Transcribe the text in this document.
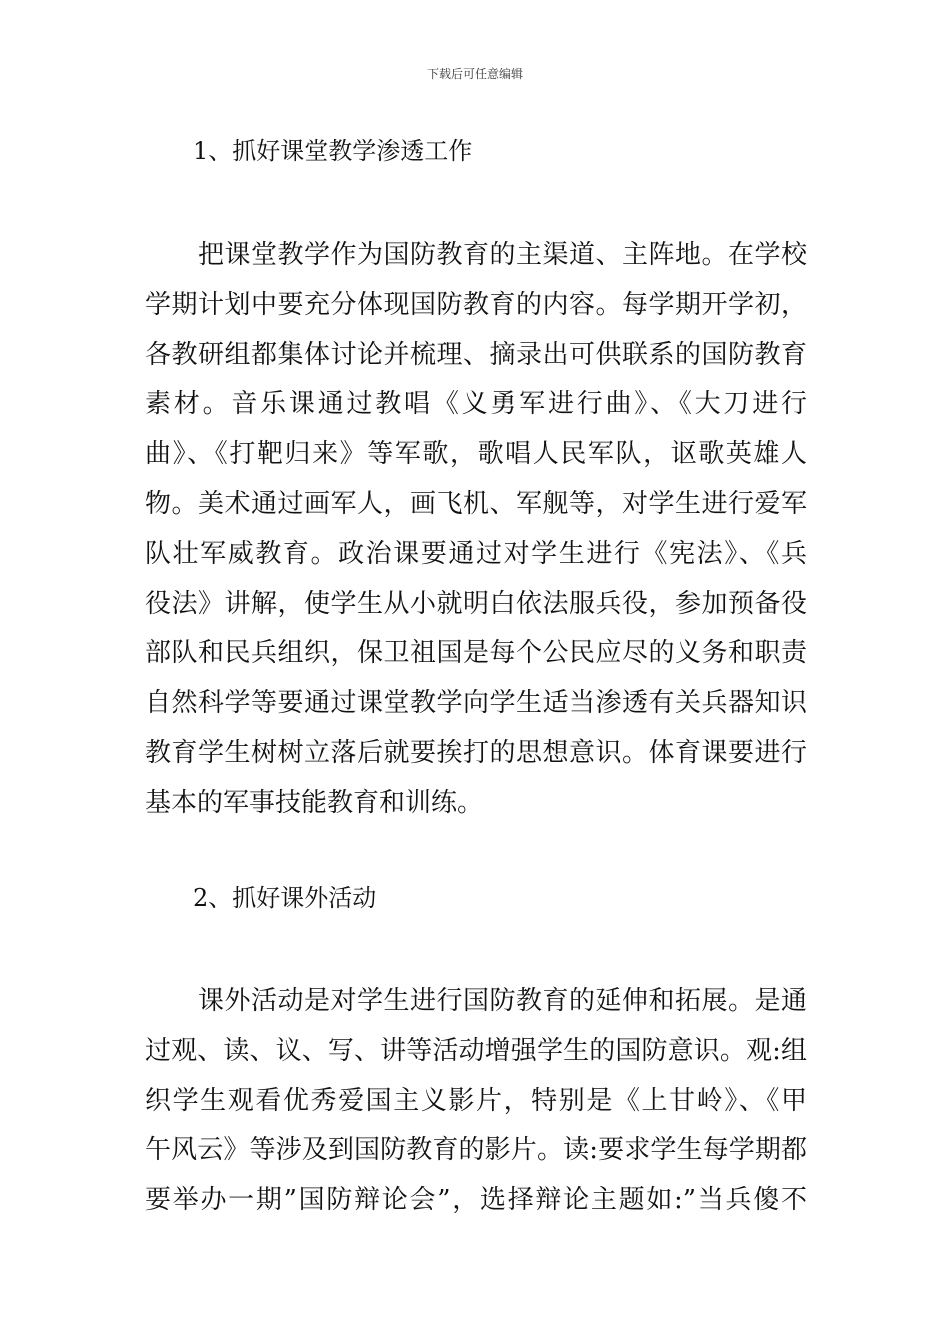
下载后可任意编辑
1、抓好课堂教学渗透工作
　　把课堂教学作为国防教育的主渠道、主阵地。在学校
学期计划中要充分体现国防教育的内容。每学期开学初，
各教研组都集体讨论并梳理、摘录出可供联系的国防教育
素材。音乐课通过教唱《义勇军进行曲》、《大刀进行
曲》、《打靶归来》等军歌，歌唱人民军队，讴歌英雄人
物。美术通过画军人，画飞机、军舰等，对学生进行爱军
队壮军威教育。政治课要通过对学生进行《宪法》、《兵
役法》讲解，使学生从小就明白依法服兵役，参加预备役
部队和民兵组织，保卫祖国是每个公民应尽的义务和职责
自然科学等要通过课堂教学向学生适当渗透有关兵器知识
教育学生树树立落后就要挨打的思想意识。体育课要进行
基本的军事技能教育和训练。
2、抓好课外活动
　　课外活动是对学生进行国防教育的延伸和拓展。是通
过观、读、议、写、讲等活动增强学生的国防意识。观:组
织学生观看优秀爱国主义影片，特别是《上甘岭》、《甲
午风云》等涉及到国防教育的影片。读:要求学生每学期都
要举办一期”国防辩论会”，选择辩论主题如:”当兵傻不
